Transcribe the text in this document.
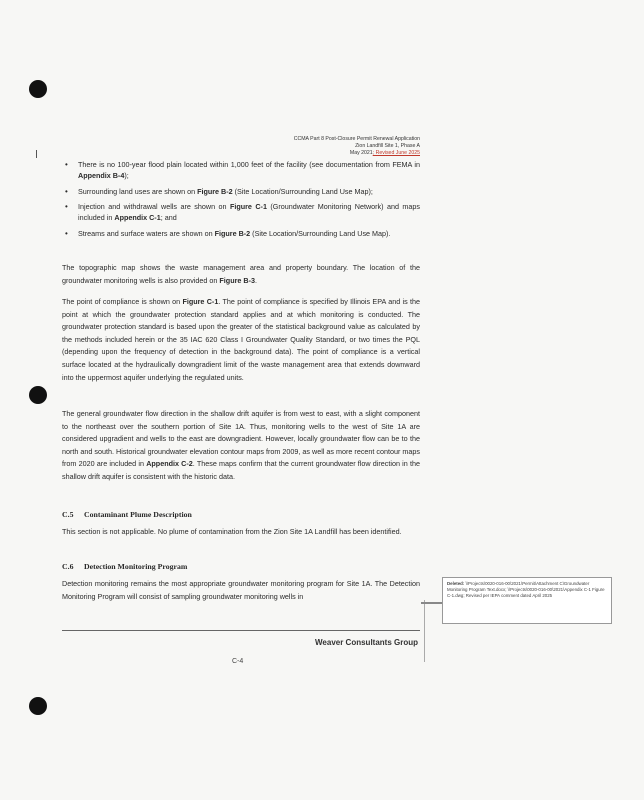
CCMA Part 8 Post-Closure Permit Renewal Application
Zion Landfill Site 1, Phase A
May 2021; Revised June 2025
• There is no 100-year flood plain located within 1,000 feet of the facility (see documentation from FEMA in Appendix B-4);
• Surrounding land uses are shown on Figure B-2 (Site Location/Surrounding Land Use Map);
• Injection and withdrawal wells are shown on Figure C-1 (Groundwater Monitoring Network) and maps included in Appendix C-1; and
• Streams and surface waters are shown on Figure B-2 (Site Location/Surrounding Land Use Map).
The topographic map shows the waste management area and property boundary. The location of the groundwater monitoring wells is also provided on Figure B-3.
The point of compliance is shown on Figure C-1. The point of compliance is specified by Illinois EPA and is the point at which the groundwater protection standard applies and at which monitoring is conducted. The groundwater protection standard is based upon the greater of the statistical background value as calculated by the methods included herein or the 35 IAC 620 Class I Groundwater Quality Standard, or two times the PQL (depending upon the frequency of detection in the background data). The point of compliance is a vertical surface located at the hydraulically downgradient limit of the waste management area that extends downward into the uppermost aquifer underlying the regulated units.
The general groundwater flow direction in the shallow drift aquifer is from west to east, with a slight component to the northeast over the southern portion of Site 1A. Thus, monitoring wells to the west of Site 1A are considered upgradient and wells to the east are downgradient. However, locally groundwater flow can be to the north and south. Historical groundwater elevation contour maps from 2009, as well as more recent contour maps from 2020 are included in Appendix C-2. These maps confirm that the current groundwater flow direction in the shallow drift aquifer is consistent with the historic data.
C.5 Contaminant Plume Description
This section is not applicable. No plume of contamination from the Zion Site 1A Landfill has been identified.
C.6 Detection Monitoring Program
Detection monitoring remains the most appropriate groundwater monitoring program for Site 1A. The Detection Monitoring Program will consist of sampling groundwater monitoring wells in
Deleted: \\Projects\0020-016-00\2021\Permit\Attachment C\Groundwater Monitoring Program Text.docx; \\Projects\0020-016-00\2021\Appendix C-1 Figure C-1.dwg; Revised per IEPA comment dated April 2025
Weaver Consultants Group
C-4
